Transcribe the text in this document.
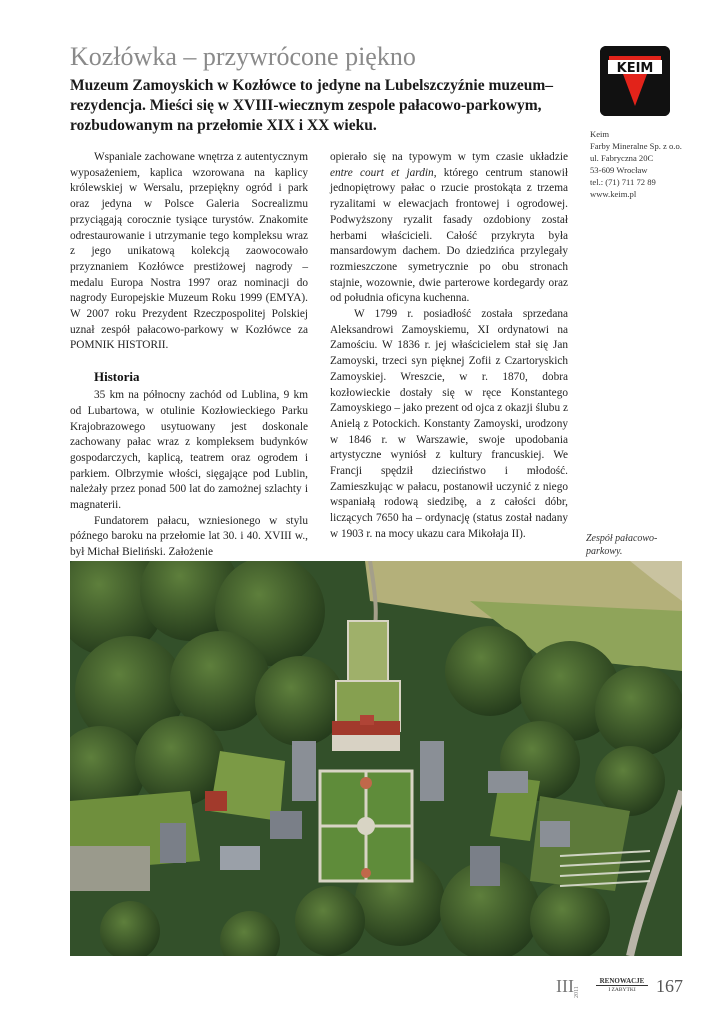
Kozłówka – przywrócone piękno

Muzeum Zamoyskich w Kozłówce to jedyne na Lubelszczyźnie muzeum–rezydencja. Mieści się w XVIII-wiecznym zespole pałacowo-parkowym, rozbudowanym na przełomie XIX i XX wieku.

KEIM
Keim
Farby Mineralne Sp. z o.o.
ul. Fabryczna 20C
53-609 Wrocław
tel.: (71) 711 72 89
www.keim.pl

Wspaniale zachowane wnętrza z autentycznym wyposażeniem, kaplica wzorowana na kaplicy królewskiej w Wersalu, przepiękny ogród i park oraz jedyna w Polsce Galeria Socrealizmu przyciągają corocznie tysiące turystów. Znakomite odrestaurowanie i utrzymanie tego kompleksu wraz z jego unikatową kolekcją zaowocowało przyznaniem Kozłówce prestiżowej nagrody – medalu Europa Nostra 1997 oraz nominacji do nagrody Europejskie Muzeum Roku 1999 (EMYA). W 2007 roku Prezydent Rzeczpospolitej Polskiej uznał zespół pałacowo-parkowy w Kozłówce za POMNIK HISTORII.

Historia

35 km na północny zachód od Lublina, 9 km od Lubartowa, w otulinie Kozłowieckiego Parku Krajobrazowego usytuowany jest doskonale zachowany pałac wraz z kompleksem budynków gospodarczych, kaplicą, teatrem oraz ogrodem i parkiem. Olbrzymie włości, sięgające pod Lublin, należały przez ponad 500 lat do zamożnej szlachty i magnaterii.

Fundatorem pałacu, wzniesionego w stylu późnego baroku na przełomie lat 30. i 40. XVIII w., był Michał Bieliński. Założenie

opierało się na typowym w tym czasie układzie entre court et jardin, którego centrum stanowił jednopiętrowy pałac o rzucie prostokąta z trzema ryzalitami w elewacjach frontowej i ogrodowej. Podwyższony ryzalit fasady ozdobiony został herbami właścicieli. Całość przykryta była mansardowym dachem. Do dziedzińca przylegały rozmieszczone symetrycznie po obu stronach stajnie, wozownie, dwie parterowe kordegardy oraz od południa oficyna kuchenna.

W 1799 r. posiadłość została sprzedana Aleksandrowi Zamoyskiemu, XI ordynatowi na Zamościu. W 1836 r. jej właścicielem stał się Jan Zamoyski, trzeci syn pięknej Zofii z Czartoryskich Zamoyskiej. Wreszcie, w r. 1870, dobra kozłowieckie dostały się w ręce Konstantego Zamoyskiego – jako prezent od ojca z okazji ślubu z Anielą z Potockich. Konstanty Zamoyski, urodzony w 1846 r. w Warszawie, swoje upodobania artystyczne wyniósł z kultury francuskiej. We Francji spędził dzieciństwo i młodość. Zamieszkując w pałacu, postanowił uczynić z niego wspaniałą rodową siedzibę, a z całości dóbr, liczących 7650 ha – ordynację (status został nadany w 1903 r. na mocy ukazu cara Mikołaja II).	Zespół pałacowo-parkowy.
III 2011
RENOWACJE
I ZABYTKI	167
